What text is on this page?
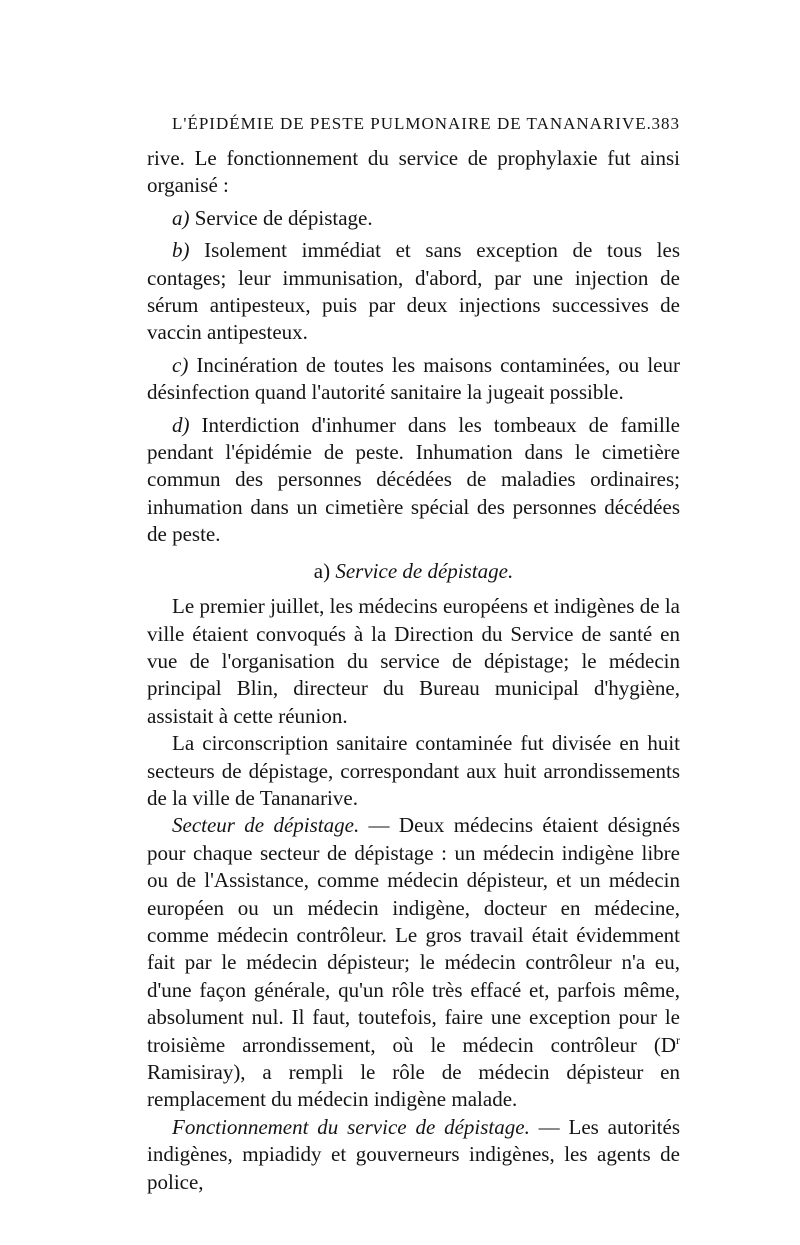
L'ÉPIDÉMIE DE PESTE PULMONAIRE DE TANANARIVE. 383

rive. Le fonctionnement du service de prophylaxie fut ainsi organisé :

a) Service de dépistage.

b) Isolement immédiat et sans exception de tous les contages; leur immunisation, d'abord, par une injection de sérum antipesteux, puis par deux injections successives de vaccin antipesteux.

c) Incinération de toutes les maisons contaminées, ou leur désinfection quand l'autorité sanitaire la jugeait possible.

d) Interdiction d'inhumer dans les tombeaux de famille pendant l'épidémie de peste. Inhumation dans le cimetière commun des personnes décédées de maladies ordinaires; inhumation dans un cimetière spécial des personnes décédées de peste.

a) Service de dépistage.

Le premier juillet, les médecins européens et indigènes de la ville étaient convoqués à la Direction du Service de santé en vue de l'organisation du service de dépistage; le médecin principal Blin, directeur du Bureau municipal d'hygiène, assistait à cette réunion.

La circonscription sanitaire contaminée fut divisée en huit secteurs de dépistage, correspondant aux huit arrondissements de la ville de Tananarive.

Secteur de dépistage. — Deux médecins étaient désignés pour chaque secteur de dépistage : un médecin indigène libre ou de l'Assistance, comme médecin dépisteur, et un médecin européen ou un médecin indigène, docteur en médecine, comme médecin contrôleur. Le gros travail était évidemment fait par le médecin dépisteur; le médecin contrôleur n'a eu, d'une façon générale, qu'un rôle très effacé et, parfois même, absolument nul. Il faut, toutefois, faire une exception pour le troisième arrondissement, où le médecin contrôleur ($D^r$ Ramisiray), a rempli le rôle de médecin dépisteur en remplacement du médecin indigène malade.

Fonctionnement du service de dépistage. — Les autorités indigènes, mpiadidy et gouverneurs indigènes, les agents de police,
